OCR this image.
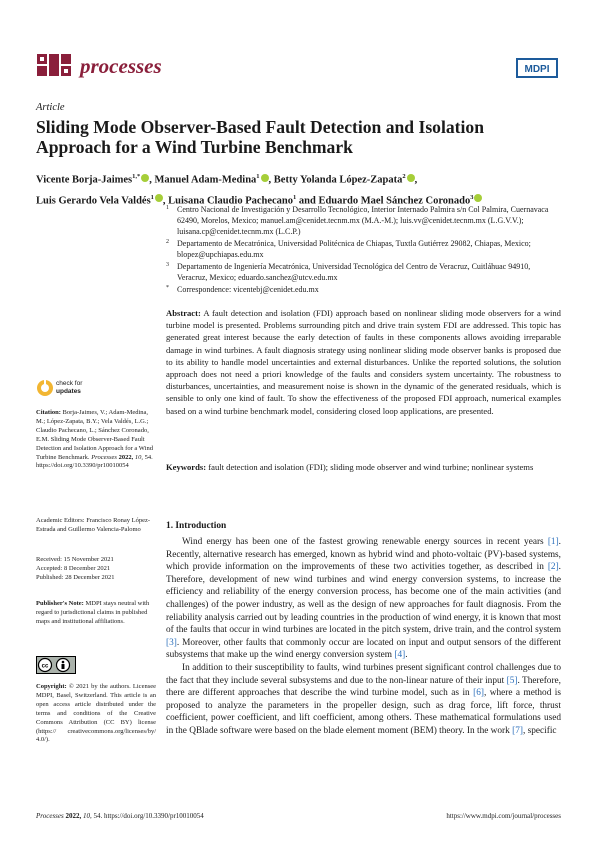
processes	MDPI
Article
Sliding Mode Observer-Based Fault Detection and Isolation Approach for a Wind Turbine Benchmark
Vicente Borja-Jaimes$^{1,*}$ , Manuel Adam-Medina$^1$ , Betty Yolanda López-Zapata$^2$ ,
Luis Gerardo Vela Valdés$^1$ , Luisana Claudio Pachecano$^1$ and Eduardo Mael Sánchez Coronado$^3$
1 Centro Nacional de Investigación y Desarrollo Tecnológico, Interior Internado Palmira s/n Col Palmira, Cuernavaca 62490, Morelos, Mexico; manuel.am@cenidet.tecnm.mx (M.A.-M.); luis.vv@cenidet.tecnm.mx (L.G.V.V.); luisana.cp@cenidet.tecnm.mx (L.C.P.)
2 Departamento de Mecatrónica, Universidad Politécnica de Chiapas, Tuxtla Gutiérrez 29082, Chiapas, Mexico; blopez@upchiapas.edu.mx
3 Departamento de Ingeniería Mecatrónica, Universidad Tecnológica del Centro de Veracruz, Cuitláhuac 94910, Veracruz, Mexico; eduardo.sanchez@utcv.edu.mx
* Correspondence: vicentebj@cenidet.edu.mx
Abstract: A fault detection and isolation (FDI) approach based on nonlinear sliding mode observers for a wind turbine model is presented. Problems surrounding pitch and drive train system FDI are addressed. This topic has generated great interest because the early detection of faults in these components allows avoiding irreparable damage in wind turbines. A fault diagnosis strategy using nonlinear sliding mode observer banks is proposed due to its ability to handle model uncertainties and external disturbances. Unlike the reported solutions, the solution approach does not need a priori knowledge of the faults and considers system uncertainty. The robustness to disturbances, uncertainties, and measurement noise is shown in the dynamic of the generated residuals, which is sensible to only one kind of fault. To show the effectiveness of the proposed FDI approach, numerical examples based on a wind turbine benchmark model, considering closed loop applications, are presented.
Keywords: fault detection and isolation (FDI); sliding mode observer and wind turbine; nonlinear systems
check for
updates
Citation: Borja-Jaimes, V.; Adam-Medina, M.; López-Zapata, B.Y.; Vela Valdés, L.G.; Claudio Pachecano, L.; Sánchez Coronado, E.M. Sliding Mode Observer-Based Fault Detection and Isolation Approach for a Wind Turbine Benchmark. Processes 2022, 10, 54. https://doi.org/10.3390/pr10010054
Academic Editors: Francisco Ronay López-Estrada and Guillermo Valencia-Palomo
Received: 15 November 2021
Accepted: 8 December 2021
Published: 28 December 2021
Publisher's Note: MDPI stays neutral with regard to jurisdictional claims in published maps and institutional affiliations.
cc
Copyright: © 2021 by the authors. Licensee MDPI, Basel, Switzerland. This article is an open access article distributed under the terms and conditions of the Creative Commons Attribution (CC BY) license (https:// creativecommons.org/licenses/by/ 4.0/).
1. Introduction

Wind energy has been one of the fastest growing renewable energy sources in recent years [1]. Recently, alternative research has emerged, known as hybrid wind and photo-voltaic (PV)-based systems, which provide information on the improvements of these two activities together, as described in [2]. Therefore, development of new wind turbines and wind energy conversion systems, to increase the efficiency and reliability of the energy conversion process, has become one of the main activities (and challenges) of the power industry, as well as the design of new approaches for fault diagnosis. From the reliability analysis carried out by leading countries in the production of wind energy, it is known that most of the faults that occur in wind turbines are located in the pitch system, drive train, and the control system [3]. Moreover, other faults that commonly occur are located on input and output sensors of the different subsystems that make up the wind energy conversion system [4].

In addition to their susceptibility to faults, wind turbines present significant control challenges due to the fact that they include several subsystems and due to the non-linear nature of their input [5]. Therefore, there are different approaches that describe the wind turbine model, such as in [6], where a method is proposed to analyze the parameters in the propeller design, such as drag force, lift force, thrust coefficient, power coefficient, and lift coefficient, among others. These mathematical formulations used in the QBlade software were based on the blade element moment (BEM) theory. In the work [7], specific

Processes 2022, 10, 54. https://doi.org/10.3390/pr10010054	https://www.mdpi.com/journal/processes
